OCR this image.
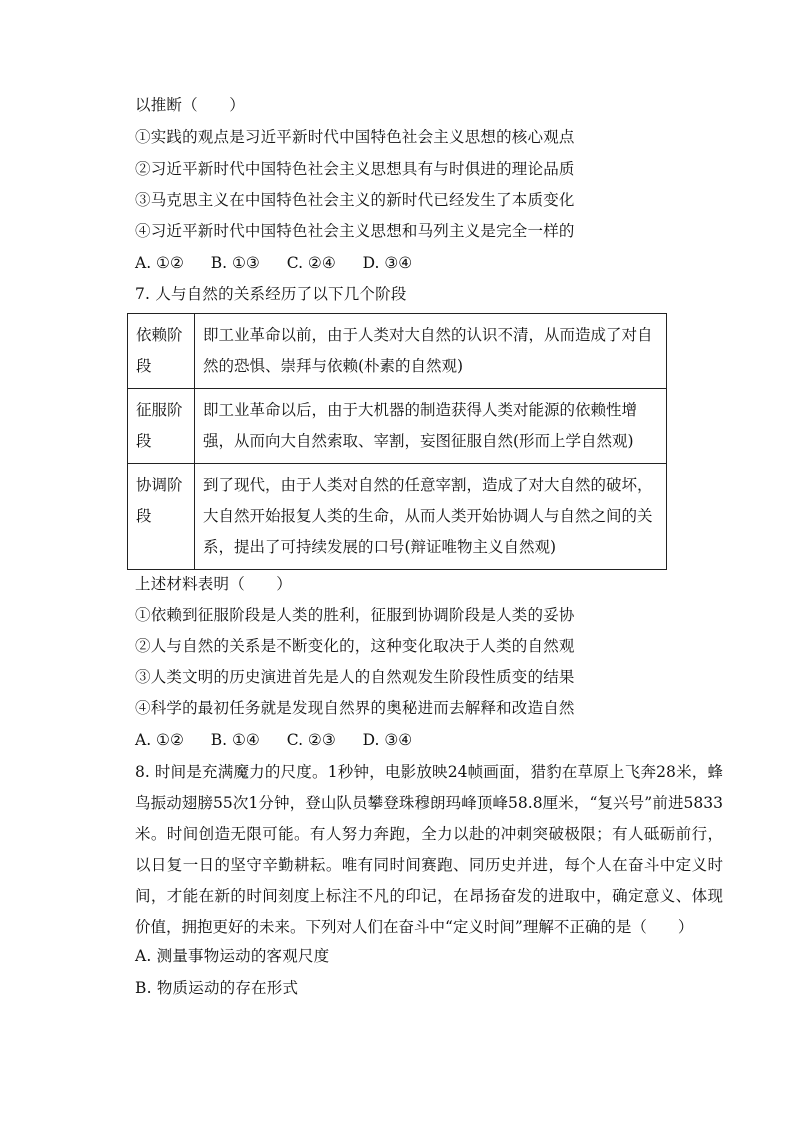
以推断（　　）
①实践的观点是习近平新时代中国特色社会主义思想的核心观点
②习近平新时代中国特色社会主义思想具有与时俱进的理论品质
③马克思主义在中国特色社会主义的新时代已经发生了本质变化
④习近平新时代中国特色社会主义思想和马列主义是完全一样的
A. ①② B. ①③ C. ②④ D. ③④
7. 人与自然的关系经历了以下几个阶段
依赖阶段	即工业革命以前，由于人类对大自然的认识不清，从而造成了对自然的恐惧、崇拜与依赖(朴素的自然观)
征服阶段	即工业革命以后，由于大机器的制造获得人类对能源的依赖性增强，从而向大自然索取、宰割，妄图征服自然(形而上学自然观)
协调阶段	到了现代，由于人类对自然的任意宰割，造成了对大自然的破坏，大自然开始报复人类的生命，从而人类开始协调人与自然之间的关系，提出了可持续发展的口号(辩证唯物主义自然观)
上述材料表明（　　）
①依赖到征服阶段是人类的胜利，征服到协调阶段是人类的妥协
②人与自然的关系是不断变化的，这种变化取决于人类的自然观
③人类文明的历史演进首先是人的自然观发生阶段性质变的结果
④科学的最初任务就是发现自然界的奥秘进而去解释和改造自然
A. ①② B. ①④ C. ②③ D. ③④
8. 时间是充满魔力的尺度。1秒钟，电影放映24帧画面，猎豹在草原上飞奔28米，蜂鸟振动翅膀55次1分钟，登山队员攀登珠穆朗玛峰顶峰58.8厘米，“复兴号”前进5833米。时间创造无限可能。有人努力奔跑，全力以赴的冲刺突破极限；有人砥砺前行，以日复一日的坚守辛勤耕耘。唯有同时间赛跑、同历史并进，每个人在奋斗中定义时间，才能在新的时间刻度上标注不凡的印记，在昂扬奋发的进取中，确定意义、体现价值，拥抱更好的未来。下列对人们在奋斗中“定义时间”理解不正确的是（　　）
A. 测量事物运动的客观尺度
B. 物质运动的存在形式
